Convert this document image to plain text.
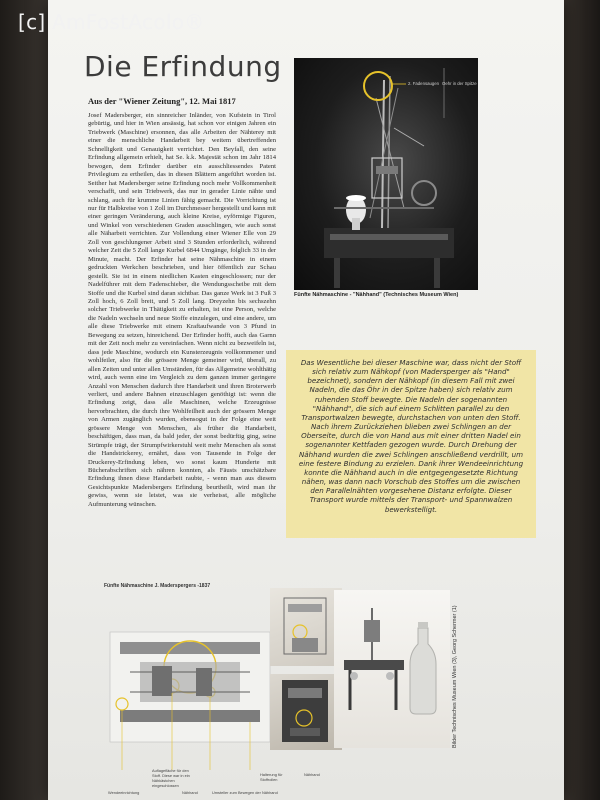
Die Erfindung
Aus der "Wiener Zeitung", 12. Mai 1817
Josef Madersberger, ein sinnreicher Inländer, von Kufstein in Tirol gebürtig, und hier in Wien ansässig, hat schon vor einigen Jahren ein Triebwerk (Maschine) ersonnen, das alle Arbeiten der Nähterey mit einer die menschliche Handarbeit bey weitem übertreffenden Schnelligkeit und Genauigkeit verrichtet. Den Beyfall, den seine Erfindung allgemein erhielt, hat Se. k.k. Majestät schon im Jahr 1814 bewogen, dem Erfinder darüber ein ausschliessendes Patent Privilegium zu ertheilen, das in diesen Blättern angeführt worden ist. Seither hat Madersberger seine Erfindung noch mehr Vollkommenheit verschafft, und sein Triebwerk, das nur in gerader Linie nähte und schlang, auch für krumme Linien fähig gemacht. Die Vorrichtung ist nur für Halbkreise von 1 Zoll im Durchmesser hergestellt und kann mit einer geringen Veränderung, auch kleine Kreise, eyförmige Figuren, und Winkel von verschiedenen Graden ausschlingen, wie auch sonst alle Näharbeit verrichten. Zur Vollendung einer Wiener Elle von 29 Zoll von geschlungener Arbeit sind 3 Stunden erforderlich, während welcher Zeit die 5 Zoll lange Kurbel 6844 Umgänge, folglich 33 in der Minute, macht. Der Erfinder hat seine Nähmaschine in einem gedruckten Werkchen beschrieben, und hier öffentlich zur Schau gestellt. Sie ist in einem niedlichen Kasten eingeschlossen; nur der Nadelführer mit dem Fadenschieber, die Wendungsscheibe mit dem Stoffe und die Kurbel sind daran sichtbar. Das ganze Werk ist 3 Fuß 3 Zoll hoch, 6 Zoll breit, und 5 Zoll lang. Dreyzehn bis sechszehn solcher Triebwerke in Thätigkeit zu erhalten, ist eine Person, welche die Nadeln wechseln und neue Stoffe einzulegen, und eine andere, um alle diese Triebwerke mit einem Kraftaufwande von 3 Pfund in Bewegung zu setzen, hinreichend. Der Erfinder hofft, auch das Garnn mit der Zeit noch mehr zu vereinfachen. Wenn nicht zu bezweifeln ist, dass jede Maschine, wodurch ein Kunsterzeugnis vollkommener und wohlfeiler, also für die grössere Menge gemeiner wird, überall, zu allen Zeiten und unter allen Umständen, für das Allgemeine wohlthätig wird, auch wenn eine im Vergleich zu dem ganzen immer geringere Anzahl von Menschen dadurch ihre Handarbeit und ihren Broterwerb verliert, und andere Bahnen einzuschlagen genöthigt ist: wenn die Erfindung zeigt, dass alle Maschinen, welche Erzeugnisse hervorbrachten, die durch ihre Wohlfeilheit auch der grössern Menge von Armen zugänglich wurden, ebensogut in der Folge eine weit grössere Menge von Menschen, als früher die Handarbeit, beschäftigen, dass man, da bald jeder, der sonst bedürftig ging, seine Strümpfe trägt, der Strumpfwirkerstuhl weit mehr Menschen als sonst die Handstrickerey, ernährt, dass von Tausende in Folge der Druckerey-Erfindung leben, wo sonst kaum Hunderte mit Bücherabschriften sich nähren konnten, als Fäusts unschätzbare Erfindung ihnen diese Handarbeit raubte, - wenn man aus diesem Gesichtspunkte Madersbergers Erfindung beurtheilt, wird man ihr gewiss, wenn sie leistet, was sie verheisst, alle mögliche Aufmunterung wünschen.
2. Fadensaugen Oehr in der Spitze
Fünfte Nähmaschine - "Nähhand" (Technisches Museum Wien)
Das Wesentliche bei dieser Maschine war, dass nicht der Stoff sich relativ zum Nähkopf (von Madersperger als "Hand" bezeichnet), sondern der Nähkopf (in diesem Fall mit zwei Nadeln, die das Öhr in der Spitze haben) sich relativ zum ruhenden Stoff bewegte. Die Nadeln der sogenannten "Nähhand", die sich auf einem Schlitten parallel zu den Transportwalzen bewegte, durchstachen von unten den Stoff. Nach ihrem Zurückziehen blieben zwei Schlingen an der Oberseite, durch die von Hand aus mit einer dritten Nadel ein sogenannter Kettfaden gezogen wurde. Durch Drehung der Nähhand wurden die zwei Schlingen anschließend verdrillt, um eine festere Bindung zu erzielen. Dank ihrer Wendeeinrichtung konnte die Nähhand auch in die entgegengesetzte Richtung nähen, was dann nach Vorschub des Stoffes um die zwischen den Parallelnähten vorgesehene Distanz erfolgte. Dieser Transport wurde mittels der Transport- und Spannwalzen bewerkstelligt.
Fünfte Nähmaschine J. Maderspergers -1837
Bilder Technisches Museum Wien (3), Georg Schermer (1)
Wendeeinrichtung	Nähhand
Auflagefläche für den Stoff. Diese war in ein Nähkästchen eingeschlossen
Umsteller zum Bewegen der Nähhand
Halterung für Stoffrollen
Nähhand
[c] AmFostAcolo®
